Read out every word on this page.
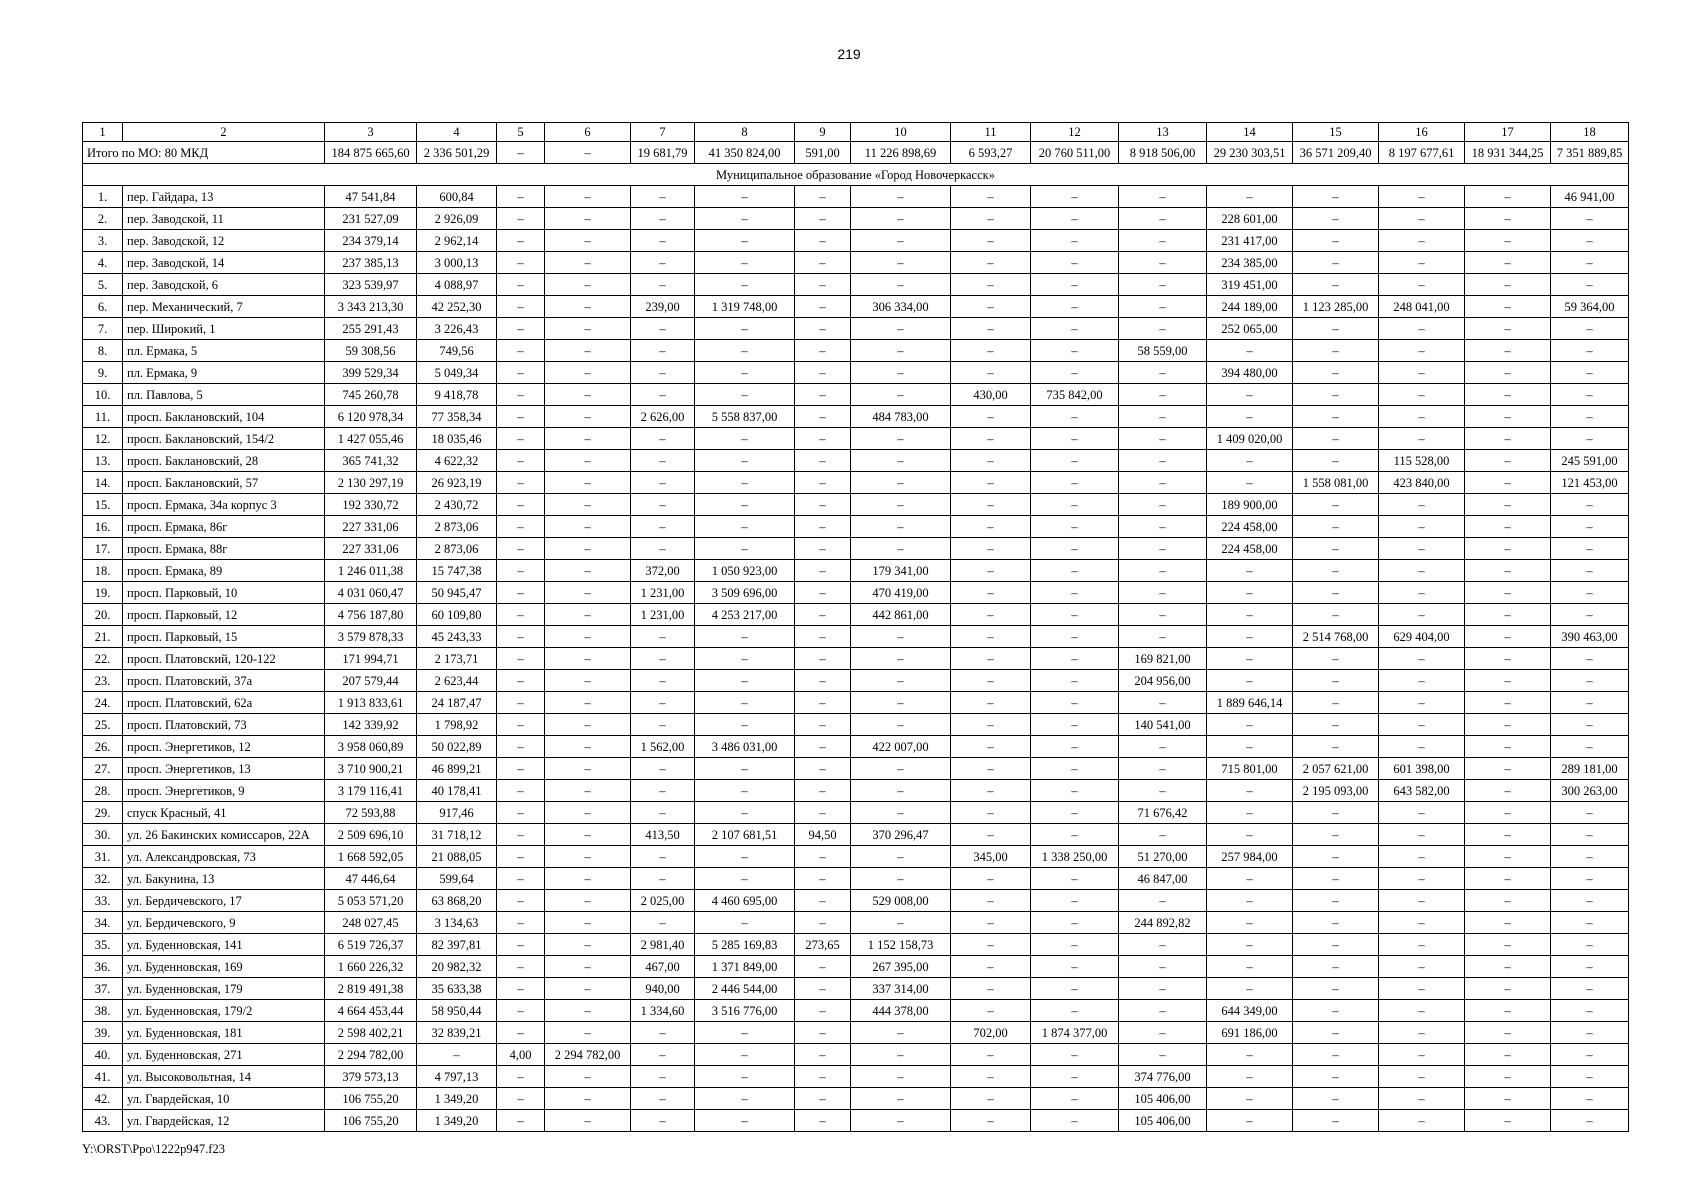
219
1	2	3	4	5	6	7	8	9	10	11	12	13	14	15	16	17	18
Итого по МО: 80 МКД		184 875 665,60	2 336 501,29	–	–	19 681,79	41 350 824,00	591,00	11 226 898,69	6 593,27	20 760 511,00	8 918 506,00	29 230 303,51	36 571 209,40	8 197 677,61	18 931 344,25	7 351 889,85
Муниципальное образование «Город Новочеркасск»																	
1.	пер. Гайдара, 13	47 541,84	600,84	–	–	–	–	–	–	–	–	–	–	–	–	–	46 941,00
2.	пер. Заводской, 11	231 527,09	2 926,09	–	–	–	–	–	–	–	–	–	228 601,00	–	–	–	–
3.	пер. Заводской, 12	234 379,14	2 962,14	–	–	–	–	–	–	–	–	–	231 417,00	–	–	–	–
4.	пер. Заводской, 14	237 385,13	3 000,13	–	–	–	–	–	–	–	–	–	234 385,00	–	–	–	–
5.	пер. Заводской, 6	323 539,97	4 088,97	–	–	–	–	–	–	–	–	–	319 451,00	–	–	–	–
6.	пер. Механический, 7	3 343 213,30	42 252,30	–	–	239,00	1 319 748,00	–	306 334,00	–	–	–	244 189,00	1 123 285,00	248 041,00	–	59 364,00
7.	пер. Широкий, 1	255 291,43	3 226,43	–	–	–	–	–	–	–	–	–	252 065,00	–	–	–	–
8.	пл. Ермака, 5	59 308,56	749,56	–	–	–	–	–	–	–	–	58 559,00	–	–	–	–	–
9.	пл. Ермака, 9	399 529,34	5 049,34	–	–	–	–	–	–	–	–	–	394 480,00	–	–	–	–
10.	пл. Павлова, 5	745 260,78	9 418,78	–	–	–	–	–	–	430,00	735 842,00	–	–	–	–	–	–
11.	просп. Баклановский, 104	6 120 978,34	77 358,34	–	–	2 626,00	5 558 837,00	–	484 783,00	–	–	–	–	–	–	–	–
12.	просп. Баклановский, 154/2	1 427 055,46	18 035,46	–	–	–	–	–	–	–	–	–	1 409 020,00	–	–	–	–
13.	просп. Баклановский, 28	365 741,32	4 622,32	–	–	–	–	–	–	–	–	–	–	–	115 528,00	–	245 591,00
14.	просп. Баклановский, 57	2 130 297,19	26 923,19	–	–	–	–	–	–	–	–	–	–	1 558 081,00	423 840,00	–	121 453,00
15.	просп. Ермака, 34а корпус 3	192 330,72	2 430,72	–	–	–	–	–	–	–	–	–	189 900,00	–	–	–	–
16.	просп. Ермака, 86г	227 331,06	2 873,06	–	–	–	–	–	–	–	–	–	224 458,00	–	–	–	–
17.	просп. Ермака, 88г	227 331,06	2 873,06	–	–	–	–	–	–	–	–	–	224 458,00	–	–	–	–
18.	просп. Ермака, 89	1 246 011,38	15 747,38	–	–	372,00	1 050 923,00	–	179 341,00	–	–	–	–	–	–	–	–
19.	просп. Парковый, 10	4 031 060,47	50 945,47	–	–	1 231,00	3 509 696,00	–	470 419,00	–	–	–	–	–	–	–	–
20.	просп. Парковый, 12	4 756 187,80	60 109,80	–	–	1 231,00	4 253 217,00	–	442 861,00	–	–	–	–	–	–	–	–
21.	просп. Парковый, 15	3 579 878,33	45 243,33	–	–	–	–	–	–	–	–	–	–	2 514 768,00	629 404,00	–	390 463,00
22.	просп. Платовский, 120-122	171 994,71	2 173,71	–	–	–	–	–	–	–	–	169 821,00	–	–	–	–	–
23.	просп. Платовский, 37а	207 579,44	2 623,44	–	–	–	–	–	–	–	–	204 956,00	–	–	–	–	–
24.	просп. Платовский, 62а	1 913 833,61	24 187,47	–	–	–	–	–	–	–	–	–	1 889 646,14	–	–	–	–
25.	просп. Платовский, 73	142 339,92	1 798,92	–	–	–	–	–	–	–	–	140 541,00	–	–	–	–	–
26.	просп. Энергетиков, 12	3 958 060,89	50 022,89	–	–	1 562,00	3 486 031,00	–	422 007,00	–	–	–	–	–	–	–	–
27.	просп. Энергетиков, 13	3 710 900,21	46 899,21	–	–	–	–	–	–	–	–	–	715 801,00	2 057 621,00	601 398,00	–	289 181,00
28.	просп. Энергетиков, 9	3 179 116,41	40 178,41	–	–	–	–	–	–	–	–	–	–	2 195 093,00	643 582,00	–	300 263,00
29.	спуск Красный, 41	72 593,88	917,46	–	–	–	–	–	–	–	–	71 676,42	–	–	–	–	–
30.	ул. 26 Бакинских комиссаров, 22А	2 509 696,10	31 718,12	–	–	413,50	2 107 681,51	94,50	370 296,47	–	–	–	–	–	–	–	–
31.	ул. Александровская, 73	1 668 592,05	21 088,05	–	–	–	–	–	–	345,00	1 338 250,00	51 270,00	257 984,00	–	–	–	–
32.	ул. Бакунина, 13	47 446,64	599,64	–	–	–	–	–	–	–	–	46 847,00	–	–	–	–	–
33.	ул. Бердичевского, 17	5 053 571,20	63 868,20	–	–	2 025,00	4 460 695,00	–	529 008,00	–	–	–	–	–	–	–	–
34.	ул. Бердичевского, 9	248 027,45	3 134,63	–	–	–	–	–	–	–	–	244 892,82	–	–	–	–	–
35.	ул. Буденновская, 141	6 519 726,37	82 397,81	–	–	2 981,40	5 285 169,83	273,65	1 152 158,73	–	–	–	–	–	–	–	–
36.	ул. Буденновская, 169	1 660 226,32	20 982,32	–	–	467,00	1 371 849,00	–	267 395,00	–	–	–	–	–	–	–	–
37.	ул. Буденновская, 179	2 819 491,38	35 633,38	–	–	940,00	2 446 544,00	–	337 314,00	–	–	–	–	–	–	–	–
38.	ул. Буденновская, 179/2	4 664 453,44	58 950,44	–	–	1 334,60	3 516 776,00	–	444 378,00	–	–	–	644 349,00	–	–	–	–
39.	ул. Буденновская, 181	2 598 402,21	32 839,21	–	–	–	–	–	–	702,00	1 874 377,00	–	691 186,00	–	–	–	–
40.	ул. Буденновская, 271	2 294 782,00	–	4,00	2 294 782,00	–	–	–	–	–	–	–	–	–	–	–	–
41.	ул. Высоковольтная, 14	379 573,13	4 797,13	–	–	–	–	–	–	–	–	374 776,00	–	–	–	–	–
42.	ул. Гвардейская, 10	106 755,20	1 349,20	–	–	–	–	–	–	–	–	105 406,00	–	–	–	–	–
43.	ул. Гвардейская, 12	106 755,20	1 349,20	–	–	–	–	–	–	–	–	105 406,00	–	–	–	–	–
Y:\ORST\Ppo\1222p947.f23
